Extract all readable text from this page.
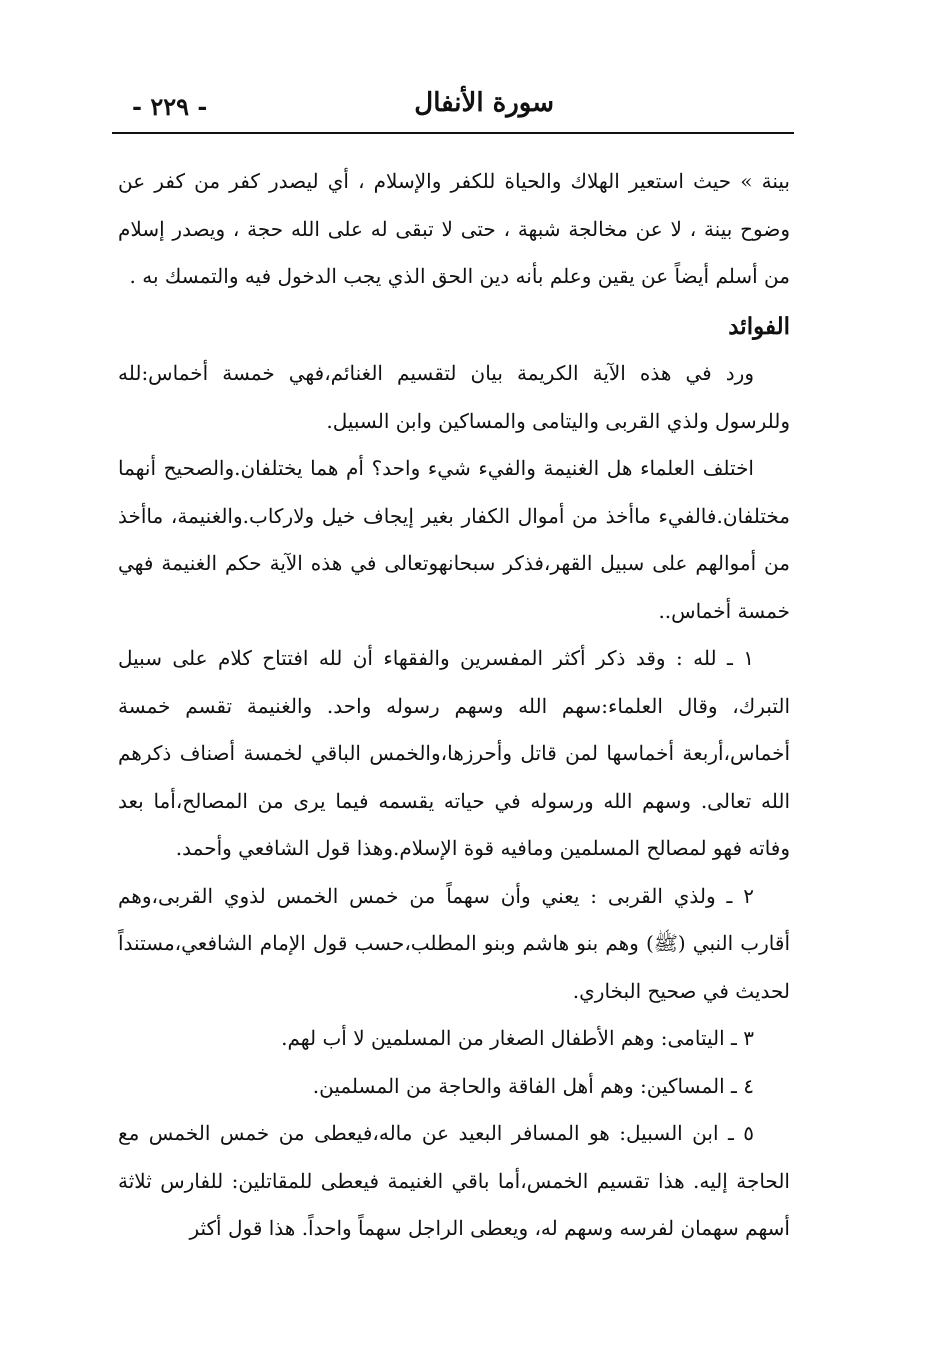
سورة الأنفال
- ٢٢٩ -

بينة » حيث استعير الهلاك والحياة للكفر والإسلام ، أي ليصدر كفر من كفر عن وضوح بينة ، لا عن مخالجة شبهة ، حتى لا تبقى له على الله حجة ، ويصدر إسلام من أسلم أيضاً عن يقين وعلم بأنه دين الحق الذي يجب الدخول فيه والتمسك به .

الفوائد

ورد في هذه الآية الكريمة بيان لتقسيم الغنائم،فهي خمسة أخماس:لله وللرسول ولذي القربى واليتامى والمساكين وابن السبيل.

اختلف العلماء هل الغنيمة والفيء شيء واحد؟ أم هما يختلفان.والصحيح أنهما مختلفان.فالفيء ماأخذ من أموال الكفار بغير إيجاف خيل ولاركاب.والغنيمة، ماأخذ من أموالهم على سبيل القهر،فذكر سبحانهوتعالى في هذه الآية حكم الغنيمة فهي خمسة أخماس..

١ ـ لله : وقد ذكر أكثر المفسرين والفقهاء أن لله افتتاح كلام على سبيل التبرك، وقال العلماء:سهم الله وسهم رسوله واحد. والغنيمة تقسم خمسة أخماس،أربعة أخماسها لمن قاتل وأحرزها،والخمس الباقي لخمسة أصناف ذكرهم الله تعالى. وسهم الله ورسوله في حياته يقسمه فيما يرى من المصالح،أما بعد وفاته فهو لمصالح المسلمين ومافيه قوة الإسلام.وهذا قول الشافعي وأحمد.

٢ ـ ولذي القربى : يعني وأن سهماً من خمس الخمس لذوي القربى،وهم أقارب النبي (ﷺ) وهم بنو هاشم وبنو المطلب،حسب قول الإمام الشافعي،مستنداً لحديث في صحيح البخاري.

٣ ـ اليتامى: وهم الأطفال الصغار من المسلمين لا أب لهم.

٤ ـ المساكين: وهم أهل الفاقة والحاجة من المسلمين.

٥ ـ ابن السبيل: هو المسافر البعيد عن ماله،فيعطى من خمس الخمس مع الحاجة إليه. هذا تقسيم الخمس،أما باقي الغنيمة فيعطى للمقاتلين: للفارس ثلاثة أسهم سهمان لفرسه وسهم له، ويعطى الراجل سهماً واحداً. هذا قول أكثر
